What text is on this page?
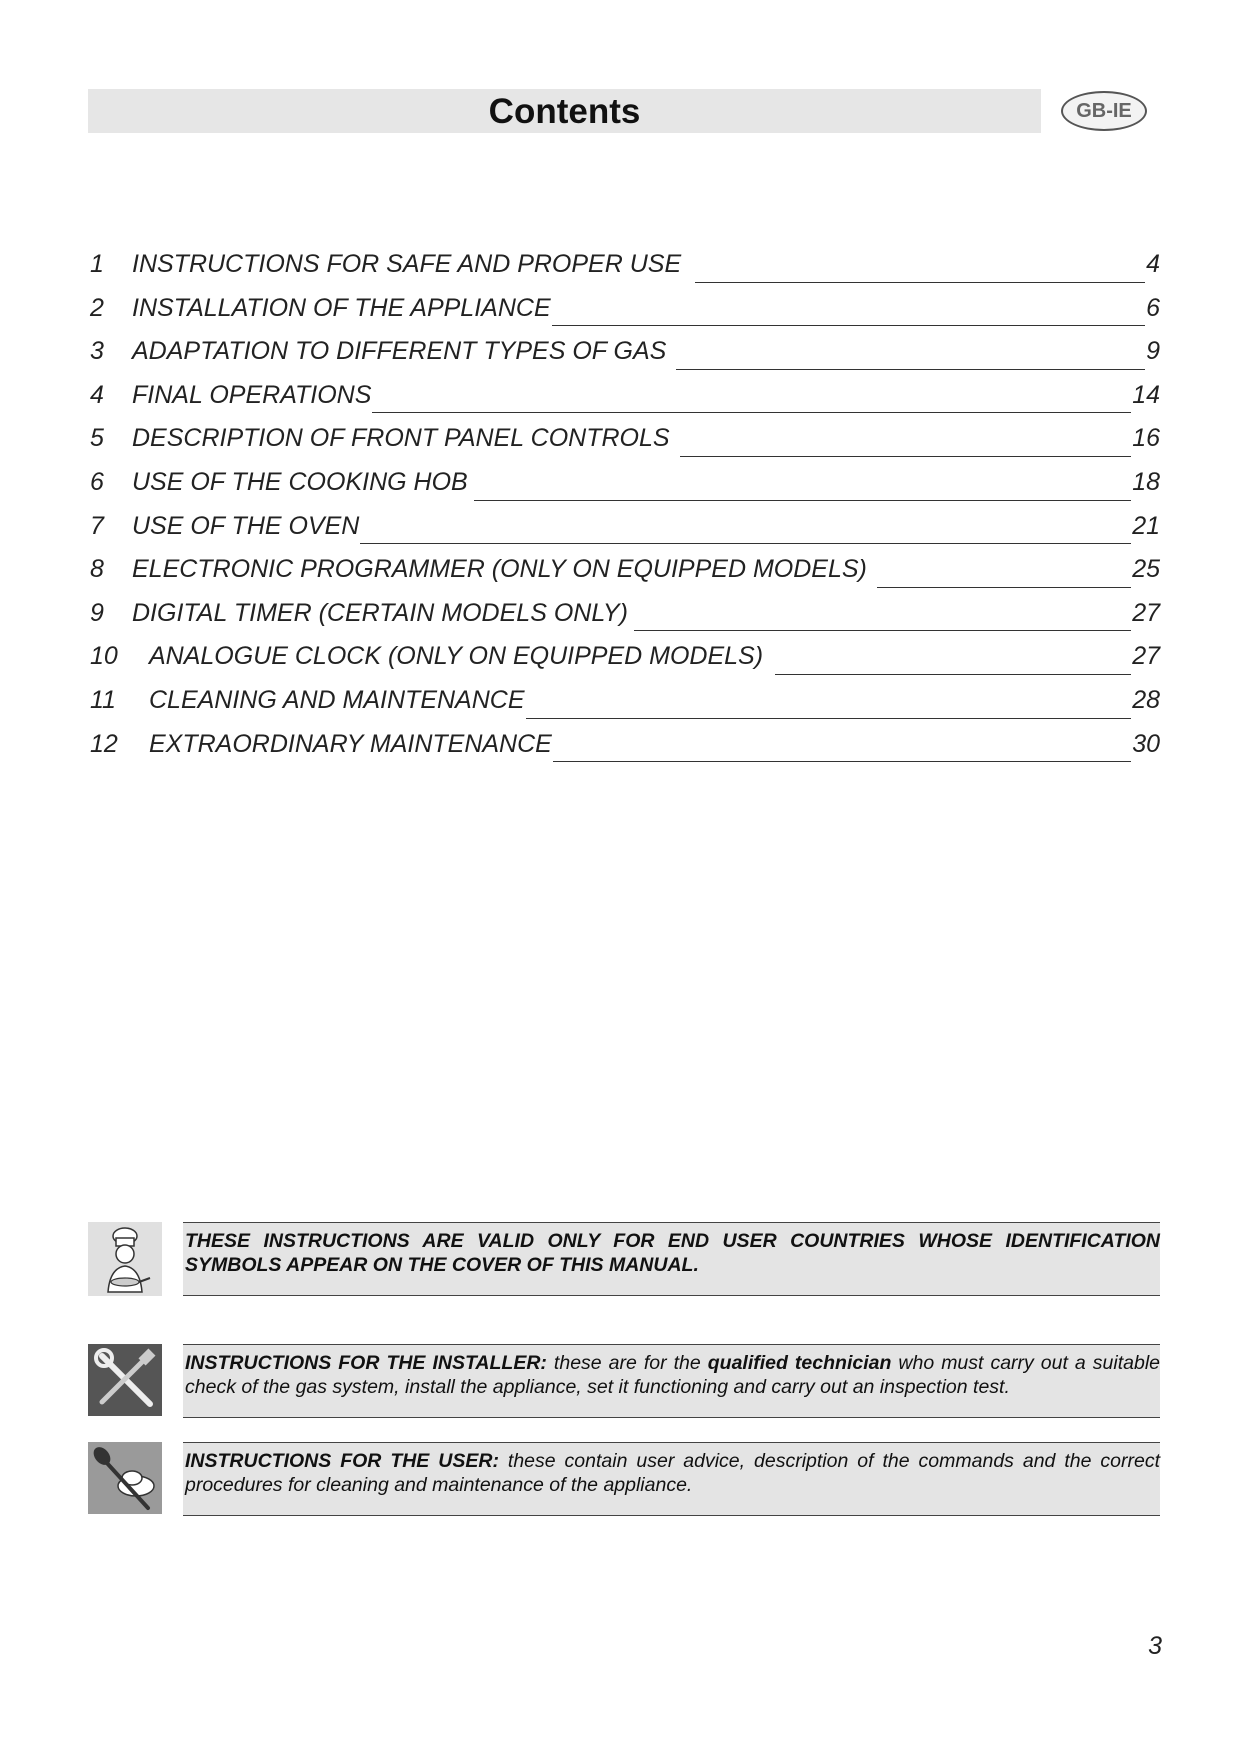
Contents	GB-IE
1	INSTRUCTIONS FOR SAFE AND PROPER USE	4
2	INSTALLATION OF THE APPLIANCE	6
3	ADAPTATION TO DIFFERENT TYPES OF GAS	9
4	FINAL OPERATIONS	14
5	DESCRIPTION OF FRONT PANEL CONTROLS	16
6	USE OF THE COOKING HOB	18
7	USE OF THE OVEN	21
8	ELECTRONIC PROGRAMMER (ONLY ON EQUIPPED MODELS)	25
9	DIGITAL TIMER (CERTAIN MODELS ONLY)	27
10	ANALOGUE CLOCK (ONLY ON EQUIPPED MODELS)	27
11	CLEANING AND MAINTENANCE	28
12	EXTRAORDINARY MAINTENANCE	30
THESE INSTRUCTIONS ARE VALID ONLY FOR END USER COUNTRIES WHOSE IDENTIFICATION SYMBOLS APPEAR ON THE COVER OF THIS MANUAL.
INSTRUCTIONS FOR THE INSTALLER: these are for the qualified technician who must carry out a suitable check of the gas system, install the appliance, set it functioning and carry out an inspection test.
INSTRUCTIONS FOR THE USER: these contain user advice, description of the commands and the correct procedures for cleaning and maintenance of the appliance.
3
